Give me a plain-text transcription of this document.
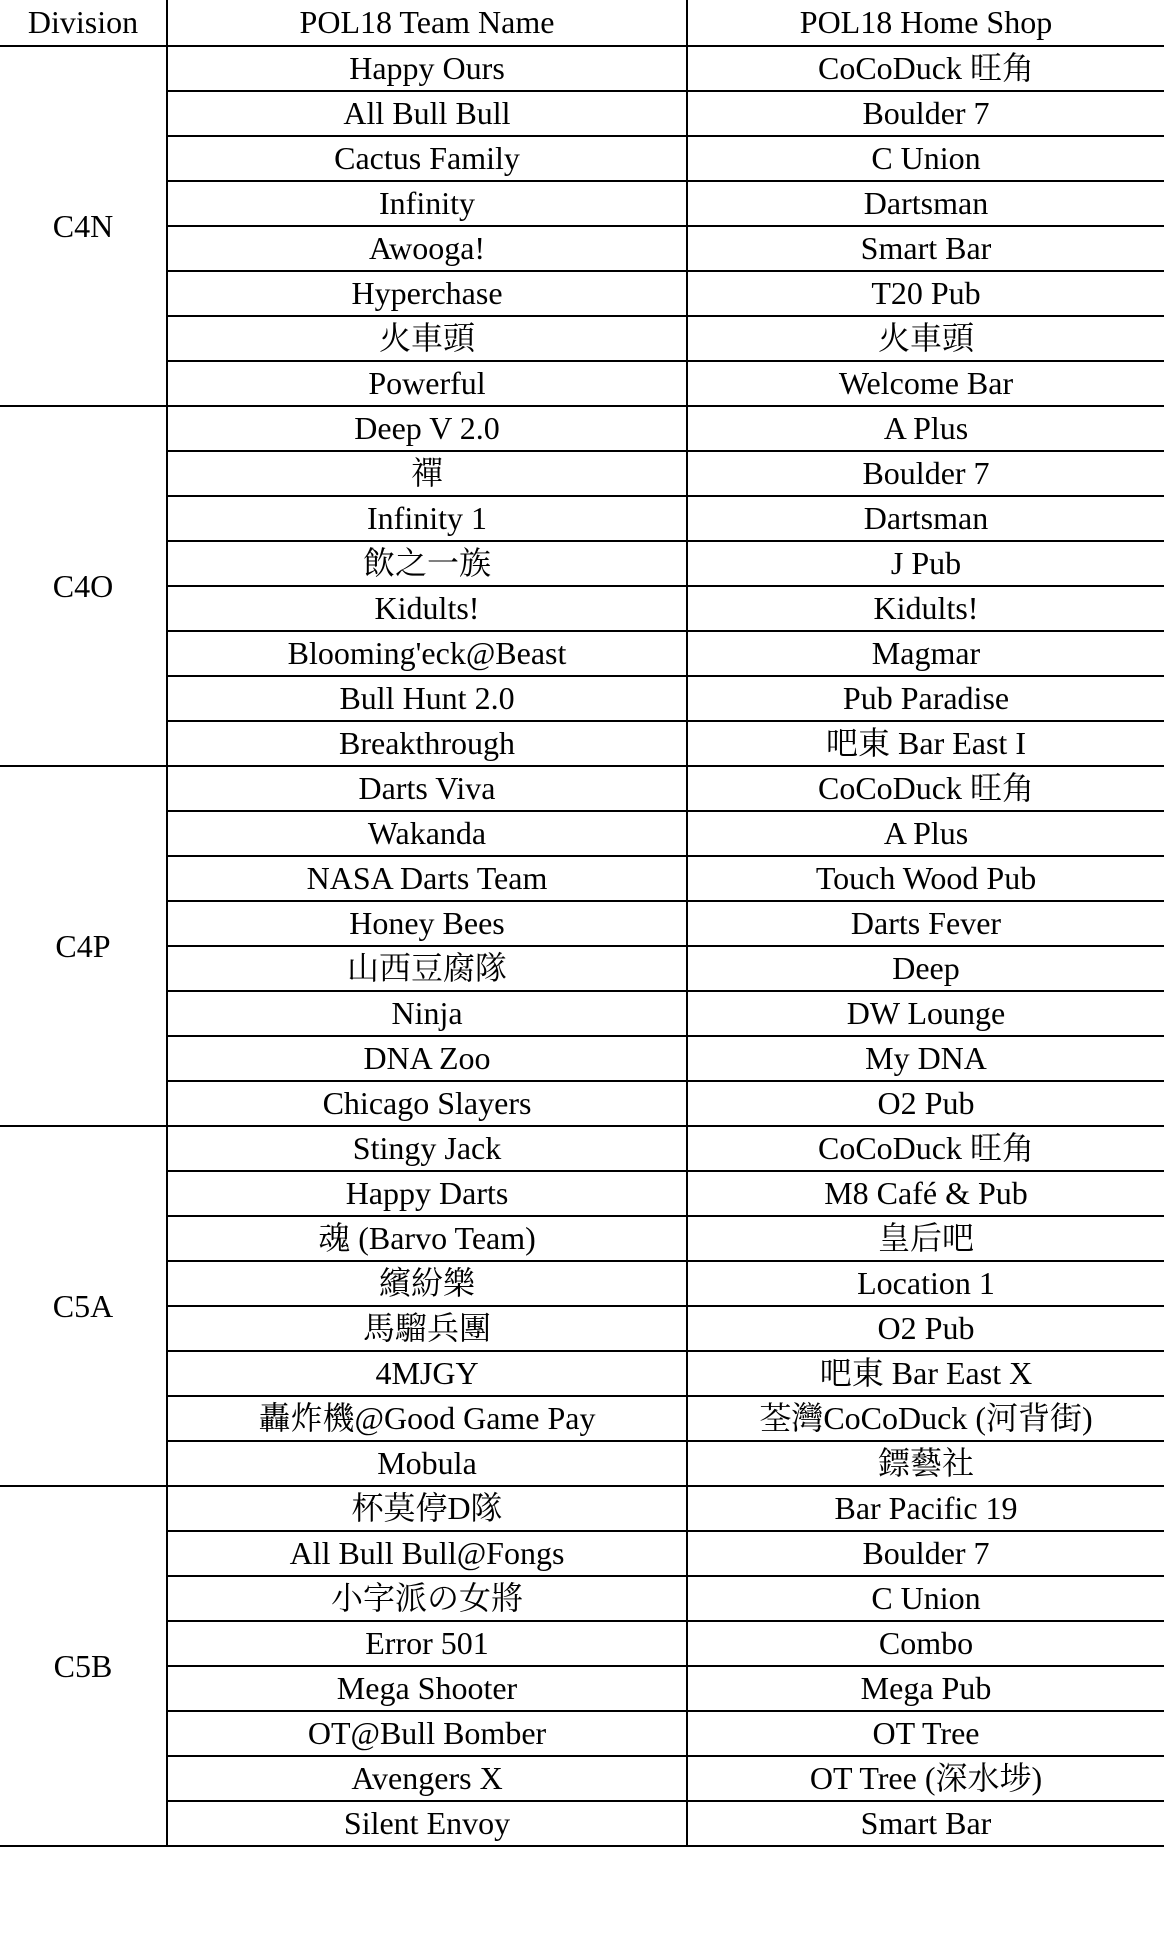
Division	POL18 Team Name	POL18 Home Shop
C4N	Happy Ours	CoCoDuck 旺角
	All Bull Bull	Boulder 7
	Cactus Family	C Union
	Infinity	Dartsman
	Awooga!	Smart Bar
	Hyperchase	T20 Pub
	火車頭	火車頭
	Powerful	Welcome Bar
C4O	Deep V 2.0	A Plus
	禪	Boulder 7
	Infinity 1	Dartsman
	飲之一族	J Pub
	Kidults!	Kidults!
	Blooming'eck@Beast	Magmar
	Bull Hunt 2.0	Pub Paradise
	Breakthrough	吧東 Bar East I
C4P	Darts Viva	CoCoDuck 旺角
	Wakanda	A Plus
	NASA Darts Team	Touch Wood Pub
	Honey Bees	Darts Fever
	山西豆腐隊	Deep
	Ninja	DW Lounge
	DNA Zoo	My DNA
	Chicago Slayers	O2 Pub
C5A	Stingy Jack	CoCoDuck 旺角
	Happy Darts	M8 Café & Pub
	魂 (Barvo Team)	皇后吧
	繽紛樂	Location 1
	馬騮兵團	O2 Pub
	4MJGY	吧東 Bar East X
	轟炸機@Good Game Pay	荃灣CoCoDuck (河背街)
	Mobula	鏢藝社
C5B	杯莫停D隊	Bar Pacific 19
	All Bull Bull@Fongs	Boulder 7
	小字派の女將	C Union
	Error 501	Combo
	Mega Shooter	Mega Pub
	OT@Bull Bomber	OT Tree
	Avengers X	OT Tree (深水埗)
	Silent Envoy	Smart Bar
